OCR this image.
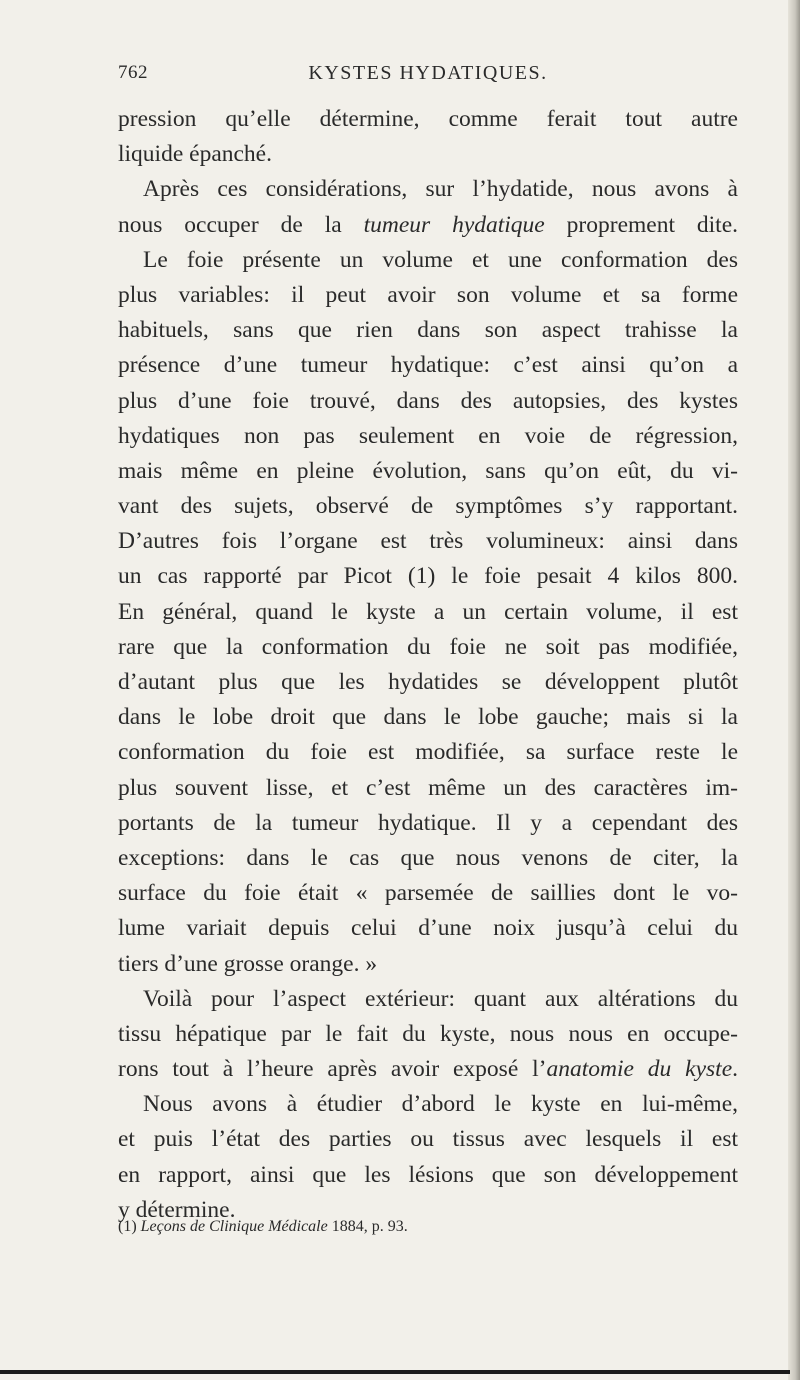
762	KYSTES HYDATIQUES.
pression qu’elle détermine, comme ferait tout autre
liquide épanché.
Après ces considérations, sur l’hydatide, nous avons à
nous occuper de la tumeur hydatique proprement dite.
Le foie présente un volume et une conformation des
plus variables: il peut avoir son volume et sa forme
habituels, sans que rien dans son aspect trahisse la
présence d’une tumeur hydatique: c’est ainsi qu’on a
plus d’une foie trouvé, dans des autopsies, des kystes
hydatiques non pas seulement en voie de régression,
mais même en pleine évolution, sans qu’on eût, du vi-
vant des sujets, observé de symptômes s’y rapportant.
D’autres fois l’organe est très volumineux: ainsi dans
un cas rapporté par Picot (1) le foie pesait 4 kilos 800.
En général, quand le kyste a un certain volume, il est
rare que la conformation du foie ne soit pas modifiée,
d’autant plus que les hydatides se développent plutôt
dans le lobe droit que dans le lobe gauche; mais si la
conformation du foie est modifiée, sa surface reste le
plus souvent lisse, et c’est même un des caractères im-
portants de la tumeur hydatique. Il y a cependant des
exceptions: dans le cas que nous venons de citer, la
surface du foie était « parsemée de saillies dont le vo-
lume variait depuis celui d’une noix jusqu’à celui du
tiers d’une grosse orange. »
Voilà pour l’aspect extérieur: quant aux altérations du
tissu hépatique par le fait du kyste, nous nous en occupe-
rons tout à l’heure après avoir exposé l’anatomie du kyste.
Nous avons à étudier d’abord le kyste en lui-même,
et puis l’état des parties ou tissus avec lesquels il est
en rapport, ainsi que les lésions que son développement
y détermine.
(1) Leçons de Clinique Médicale 1884, p. 93.
